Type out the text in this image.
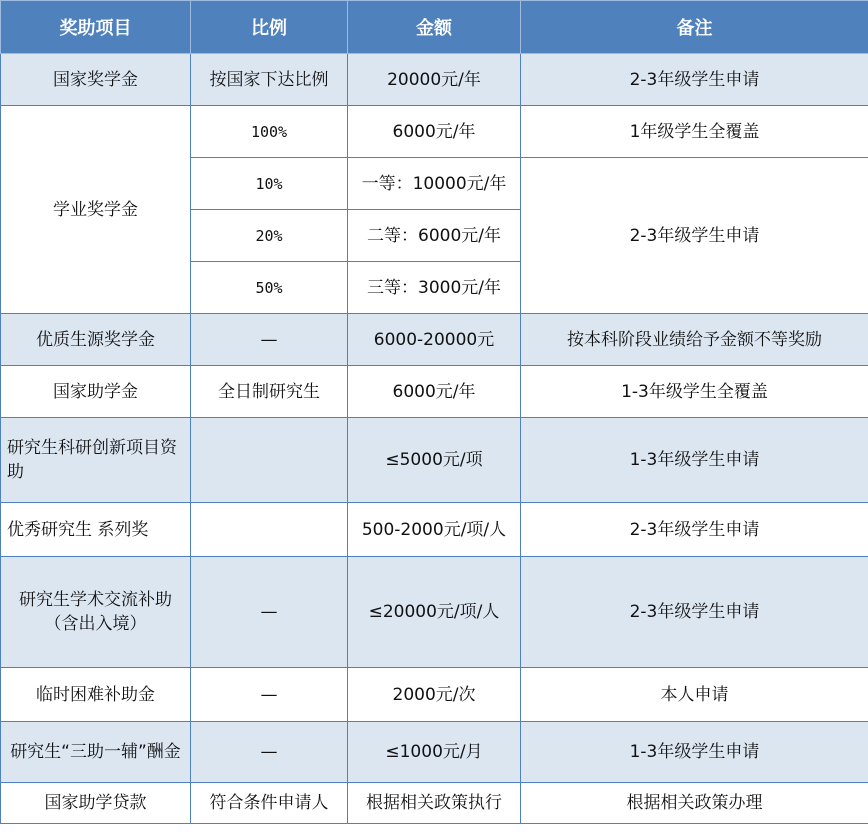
奖助项目	比例	金额	备注
国家奖学金	按国家下达比例	20000元/年	2-3年级学生申请
学业奖学金	100%	6000元/年	1年级学生全覆盖
	10%	一等：10000元/年	2-3年级学生申请
	20%	二等：6000元/年	
	50%	三等：3000元/年	
优质生源奖学金	—	6000-20000元	按本科阶段业绩给予金额不等奖励
国家助学金	全日制研究生	6000元/年	1-3年级学生全覆盖
研究生科研创新项目资助		≤5000元/项	1-3年级学生申请
优秀研究生 系列奖		500-2000元/项/人	2-3年级学生申请
研究生学术交流补助（含出入境）	—	≤20000元/项/人	2-3年级学生申请
临时困难补助金	—	2000元/次	本人申请
研究生“三助一辅”酬金	—	≤1000元/月	1-3年级学生申请
国家助学贷款	符合条件申请人	根据相关政策执行	根据相关政策办理
